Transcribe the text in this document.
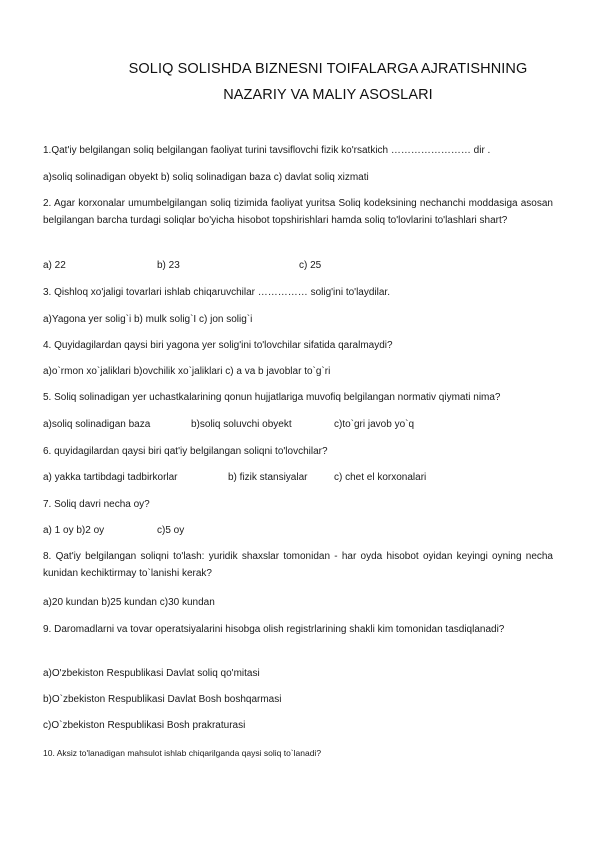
SOLIQ SOLISHDA BIZNESNI TOIFALARGA AJRATISHNING
NAZARIY VA MALIY ASOSLARI
1.Qat'iy belgilangan soliq belgilangan faoliyat turini tavsiflovchi fizik ko'rsatkich …………………… dir .
a)soliq solinadigan obyekt b) soliq solinadigan baza c) davlat soliq xizmati
2. Agar korxonalar umumbelgilangan soliq tizimida faoliyat yuritsa Soliq kodeksining nechanchi moddasiga asosan belgilangan barcha turdagi soliqlar bo'yicha hisobot topshirishlari hamda soliq to'lovlarini to'lashlari shart?
a) 22	b) 23	c) 25
3. Qishloq xo'jaligi tovarlari ishlab chiqaruvchilar …………… solig'ini to'laydilar.
a)Yagona yer solig`i b) mulk solig`I c) jon solig`i
4. Quyidagilardan qaysi biri yagona yer solig'ini to'lovchilar sifatida qaralmaydi?
a)o`rmon xo`jaliklari b)ovchilik xo`jaliklari c) a va b javoblar to`g`ri
5. Soliq solinadigan yer uchastkalarining qonun hujjatlariga muvofiq belgilangan normativ qiymati nima?
a)soliq solinadigan baza	b)soliq soluvchi obyekt	c)to`gri javob yo`q
6. quyidagilardan qaysi biri qat'iy belgilangan soliqni to'lovchilar?
a) yakka tartibdagi tadbirkorlar	b) fizik stansiyalar	c) chet el korxonalari
7. Soliq davri necha oy?
a) 1 oy b)2 oy	c)5 oy
8. Qat'iy belgilangan soliqni to'lash: yuridik shaxslar tomonidan - har oyda hisobot oyidan keyingi oyning necha kunidan kechiktirmay to`lanishi kerak?
a)20 kundan b)25 kundan c)30 kundan
9. Daromadlarni va tovar operatsiyalarini hisobga olish registrlarining shakli kim tomonidan tasdiqlanadi?
a)O'zbekiston Respublikasi Davlat soliq qo'mitasi
b)O`zbekiston Respublikasi Davlat Bosh boshqarmasi
c)O`zbekiston Respublikasi Bosh prakraturasi
10. Aksiz to'lanadigan mahsulot ishlab chiqarilganda qaysi soliq to`lanadi?
